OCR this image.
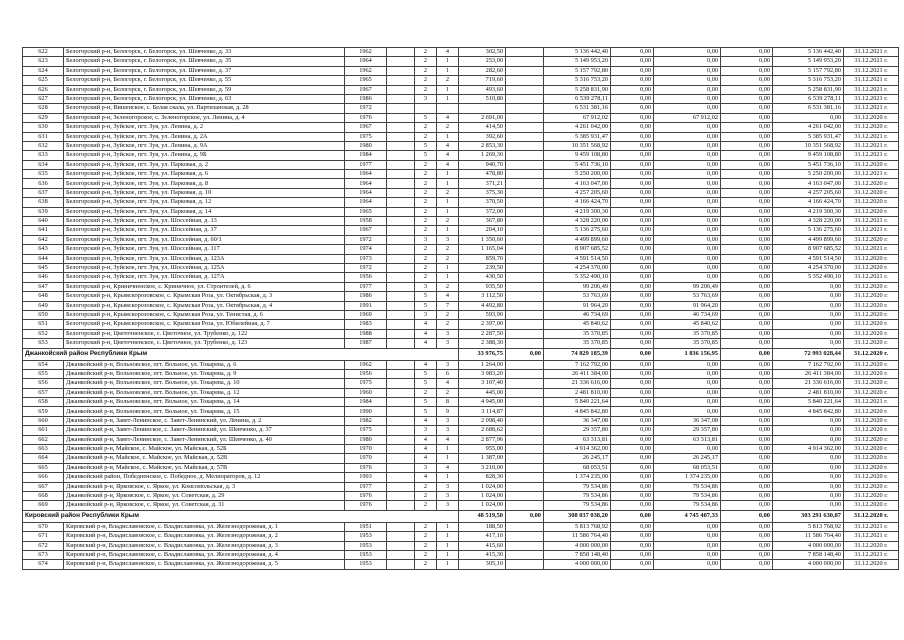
622	Белогорский р-н, Белогорск, г. Белогорск, ул. Шевченко, д. 33	1962		2	4	302,50		5 136 442,40	0,00	0,00	0,00	5 136 442,40	31.12.2021 г.
623	Белогорский р-н, Белогорск, г. Белогорск, ул. Шевченко, д. 35	1964		2	1	253,00		5 149 953,20	0,00	0,00	0,00	5 149 953,20	31.12.2021 г.
624	Белогорский р-н, Белогорск, г. Белогорск, ул. Шевченко, д. 37	1962		2	1	282,60		5 157 792,80	0,00	0,00	0,00	5 157 792,80	31.12.2021 г.
625	Белогорский р-н, Белогорск, г. Белогорск, ул. Шевченко, д. 55	1965		2	2	719,60		5 316 753,20	0,00	0,00	0,00	5 316 753,20	31.12.2021 г.
626	Белогорский р-н, Белогорск, г. Белогорск, ул. Шевченко, д. 59	1967		2	1	493,60		5 258 831,90	0,00	0,00	0,00	5 258 831,90	31.12.2021 г.
627	Белогорский р-н, Белогорск, г. Белогорск, ул. Шевченко, д. 63	1986		3	1	510,80		6 539 278,11	0,00	0,00	0,00	6 539 278,11	31.12.2021 г.
628	Белогорский р-н, Вишенское, с. Белая скала, ул. Партизанская, д. 28	1972						6 531 381,16	0,00	0,00	0,00	6 531 381,16	31.12.2021 г.
629	Белогорский р-н, Зеленогорское, с. Зеленогорское, ул. Ленина, д. 4	1976		5	4	2 691,00		67 912,02	0,00	67 912,02	0,00	0,00	31.12.2020 г.
630	Белогорский р-н, Зуйское, пгт. Зуя, ул. Ленина, д. 2	1967		2	2	414,50		4 261 042,00	0,00	0,00	0,00	4 261 042,00	31.12.2020 г.
631	Белогорский р-н, Зуйское, пгт. Зуя, ул. Ленина, д. 2А	1975		2	1	392,60		5 385 931,47	0,00	0,00	0,00	5 385 931,47	31.12.2021 г.
632	Белогорский р-н, Зуйское, пгт. Зуя, ул. Ленина, д. 9А	1980		5	4	2 853,30		10 351 568,92	0,00	0,00	0,00	10 351 568,92	31.12.2021 г.
633	Белогорский р-н, Зуйское, пгт. Зуя, ул. Ленина, д. 9Б	1984		5	4	1 269,30		9 459 108,80	0,00	0,00	0,00	9 459 108,80	31.12.2021 г.
634	Белогорский р-н, Зуйское, пгт. Зуя, ул. Парковая, д. 2	1977		2	4	940,70		5 451 736,10	0,00	0,00	0,00	5 451 736,10	31.12.2020 г.
635	Белогорский р-н, Зуйское, пгт. Зуя, ул. Парковая, д. 6	1964		2	1	478,80		5 250 200,00	0,00	0,00	0,00	5 250 200,00	31.12.2021 г.
636	Белогорский р-н, Зуйское, пгт. Зуя, ул. Парковая, д. 8	1964		2	1	371,21		4 163 047,00	0,00	0,00	0,00	4 163 047,00	31.12.2020 г.
637	Белогорский р-н, Зуйское, пгт. Зуя, ул. Парковая, д. 10	1964		2	2	375,30		4 257 205,60	0,00	0,00	0,00	4 257 205,60	31.12.2020 г.
638	Белогорский р-н, Зуйское, пгт. Зуя, ул. Парковая, д. 12	1964		2	1	370,50		4 166 424,70	0,00	0,00	0,00	4 166 424,70	31.12.2020 г.
639	Белогорский р-н, Зуйское, пгт. Зуя, ул. Парковая, д. 14	1965		2	1	372,00		4 219 300,30	0,00	0,00	0,00	4 219 300,30	31.12.2020 г.
640	Белогорский р-н, Зуйское, пгт. Зуя, ул. Шоссейная, д. 13	1958		2	2	367,80		4 328 220,00	0,00	0,00	0,00	4 328 220,00	31.12.2021 г.
641	Белогорский р-н, Зуйское, пгт. Зуя, ул. Шоссейная, д. 17	1967		2	1	204,10		5 136 275,60	0,00	0,00	0,00	5 136 275,60	31.12.2021 г.
642	Белогорский р-н, Зуйское, пгт. Зуя, ул. Шоссейная, д. 60/1	1972		3	3	1 350,60		4 499 899,60	0,00	0,00	0,00	4 499 899,60	31.12.2020 г.
643	Белогорский р-н, Зуйское, пгт. Зуя, ул. Шоссейная, д. 117	1974		2	2	1 165,04		8 907 685,52	0,00	0,00	0,00	8 907 685,52	31.12.2021 г.
644	Белогорский р-н, Зуйское, пгт. Зуя, ул. Шоссейная, д. 123А	1973		2	2	859,70		4 591 514,50	0,00	0,00	0,00	4 591 514,50	31.12.2020 г.
645	Белогорский р-н, Зуйское, пгт. Зуя, ул. Шоссейная, д. 125А	1972		2	1	239,50		4 254 370,00	0,00	0,00	0,00	4 254 370,00	31.12.2020 г.
646	Белогорский р-н, Зуйское, пгт. Зуя, ул. Шоссейная, д. 127А	1956		2	1	430,50		5 352 490,10	0,00	0,00	0,00	5 352 490,10	31.12.2021 г.
647	Белогорский р-н, Криничненское, с. Криничное, ул. Строителей, д. 6	1977		3	2	935,50		99 206,49	0,00	99 206,49	0,00	0,00	31.12.2020 г.
648	Белогорский р-н, Крымскорозовское, с. Крымская Роза, ул. Октябрьская, д. 3	1986		5	4	3 112,50		53 763,69	0,00	53 763,69	0,00	0,00	31.12.2020 г.
649	Белогорский р-н, Крымскорозовское, с. Крымская Роза, ул. Октябрьская, д. 4	1991		5	7	4 492,80		91 964,20	0,00	91 964,20	0,00	0,00	31.12.2020 г.
650	Белогорский р-н, Крымскорозовское, с. Крымская Роза, ул. Тенистая, д. 6	1969		3	2	593,90		46 734,69	0,00	46 734,69	0,00	0,00	31.12.2020 г.
651	Белогорский р-н, Крымскорозовское, с. Крымская Роза, ул. Юбилейная, д. 7	1983		4	2	2 397,00		45 840,62	0,00	45 840,62	0,00	0,00	31.12.2020 г.
652	Белогорский р-н, Цветочненское, с. Цветочное, ул. Трубенко, д. 122	1988		4	3	2 287,50		35 370,85	0,00	35 370,85	0,00	0,00	31.12.2020 г.
653	Белогорский р-н, Цветочненское, с. Цветочное, ул. Трубенко, д. 123	1987		4	3	2 388,30		35 370,85	0,00	35 370,85	0,00	0,00	31.12.2020 г.
Джанкойский район Республики Крым						33 976,75	0,00	74 829 185,39	0,00	1 836 156,95	0,00	72 993 028,44	31.12.2020 г.
654	Джанкойский р-н, Вольновское, пгт. Вольное, ул. Токарева, д. 6	1962		4	3	1 264,00		7 162 792,00	0,00	0,00	0,00	7 162 792,00	31.12.2020 г.
655	Джанкойский р-н, Вольновское, пгт. Вольное, ул. Токарева, д. 9	1956		5	6	3 983,20		26 411 384,00	0,00	0,00	0,00	26 411 384,00	31.12.2020 г.
656	Джанкойский р-н, Вольновское, пгт. Вольное, ул. Токарева, д. 10	1975		5	4	3 107,40		21 336 616,00	0,00	0,00	0,00	21 336 616,00	31.12.2020 г.
657	Джанкойский р-н, Вольновское, пгт. Вольное, ул. Токарева, д. 12	1960		2	2	445,00		2 481 810,00	0,00	0,00	0,00	2 481 810,00	31.12.2020 г.
658	Джанкойский р-н, Вольновское, пгт. Вольное, ул. Токарева, д. 14	1984		5	8	4 945,00		5 840 221,64	0,00	0,00	0,00	5 840 221,64	31.12.2021 г.
659	Джанкойский р-н, Вольновское, пгт. Вольное, ул. Токарева, д. 15	1990		5	9	3 114,87		4 845 842,80	0,00	0,00	0,00	4 845 842,80	31.12.2020 г.
660	Джанкойский р-н, Завет-Ленинское, с. Завет-Ленинский, ул. Ленина, д. 2	1982		4	3	2 098,40		36 347,08	0,00	36 347,08	0,00	0,00	31.12.2020 г.
661	Джанкойский р-н, Завет-Ленинское, с. Завет-Ленинский, ул. Шевченко, д. 37	1975		3	3	2 688,62		29 357,80	0,00	29 357,80	0,00	0,00	31.12.2020 г.
662	Джанкойский р-н, Завет-Ленинское, с. Завет-Ленинский, ул. Шевченко, д. 40	1980		4	4	2 877,96		63 313,81	0,00	63 313,81	0,00	0,00	31.12.2020 г.
663	Джанкойский р-н, Майское, с. Майское, ул. Майская, д. 52Б	1970		4	1	955,00		4 914 362,00	0,00	0,00	0,00	4 914 362,00	31.12.2020 г.
664	Джанкойский р-н, Майское, с. Майское, ул. Майская, д. 52В	1970		4	1	1 387,00		26 245,17	0,00	26 245,17	0,00	0,00	31.12.2020 г.
665	Джанкойский р-н, Майское, с. Майское, ул. Майская, д. 57В	1976		3	4	3 210,00		68 053,51	0,00	68 053,51	0,00	0,00	31.12.2020 г.
666	Джанкойский район, Победненское, с. Победное, д. Мелиораторов, д. 12	1993		4	1	828,30		1 374 235,00	0,00	1 374 235,00	0,00	0,00	31.12.2020 г.
667	Джанкойский р-н, Ярковское, с. Яркое, ул. Комсомольская, д. 3	1977		2	3	1 024,00		79 534,86	0,00	79 534,86	0,00	0,00	31.12.2020 г.
668	Джанкойский р-н, Ярковское, с. Яркое, ул. Советская, д. 29	1976		2	3	1 024,00		79 534,86	0,00	79 534,86	0,00	0,00	31.12.2020 г.
669	Джанкойский р-н, Ярковское, с. Яркое, ул. Советская, д. 31	1976		2	3	1 024,00		79 534,86	0,00	79 534,86	0,00	0,00	31.12.2020 г.
Кировский район Республики Крым						48 519,50	0,00	308 037 038,20	0,00	4 745 407,33	0,00	303 291 630,87	31.12.2020 г.
670	Кировский р-н, Владиславовское, с. Владиславовка, ул. Железнодорожная, д. 1	1951		2	1	188,50		5 813 768,92	0,00	0,00	0,00	5 813 768,92	31.12.2021 г.
671	Кировский р-н, Владиславовское, с. Владиславовка, ул. Железнодорожная, д. 2	1953		2	1	417,10		11 586 764,40	0,00	0,00	0,00	11 586 764,40	31.12.2021 г.
672	Кировский р-н, Владиславовское, с. Владиславовка, ул. Железнодорожная, д. 3	1953		2	1	415,60		4 000 000,00	0,00	0,00	0,00	4 000 000,00	31.12.2020 г.
673	Кировский р-н, Владиславовское, с. Владиславовка, ул. Железнодорожная, д. 4	1953		2	1	415,30		7 858 148,40	0,00	0,00	0,00	7 858 148,40	31.12.2021 г.
674	Кировский р-н, Владиславовское, с. Владиславовка, ул. Железнодорожная, д. 5	1953		2	1	305,10		4 000 000,00	0,00	0,00	0,00	4 000 000,00	31.12.2020 г.
